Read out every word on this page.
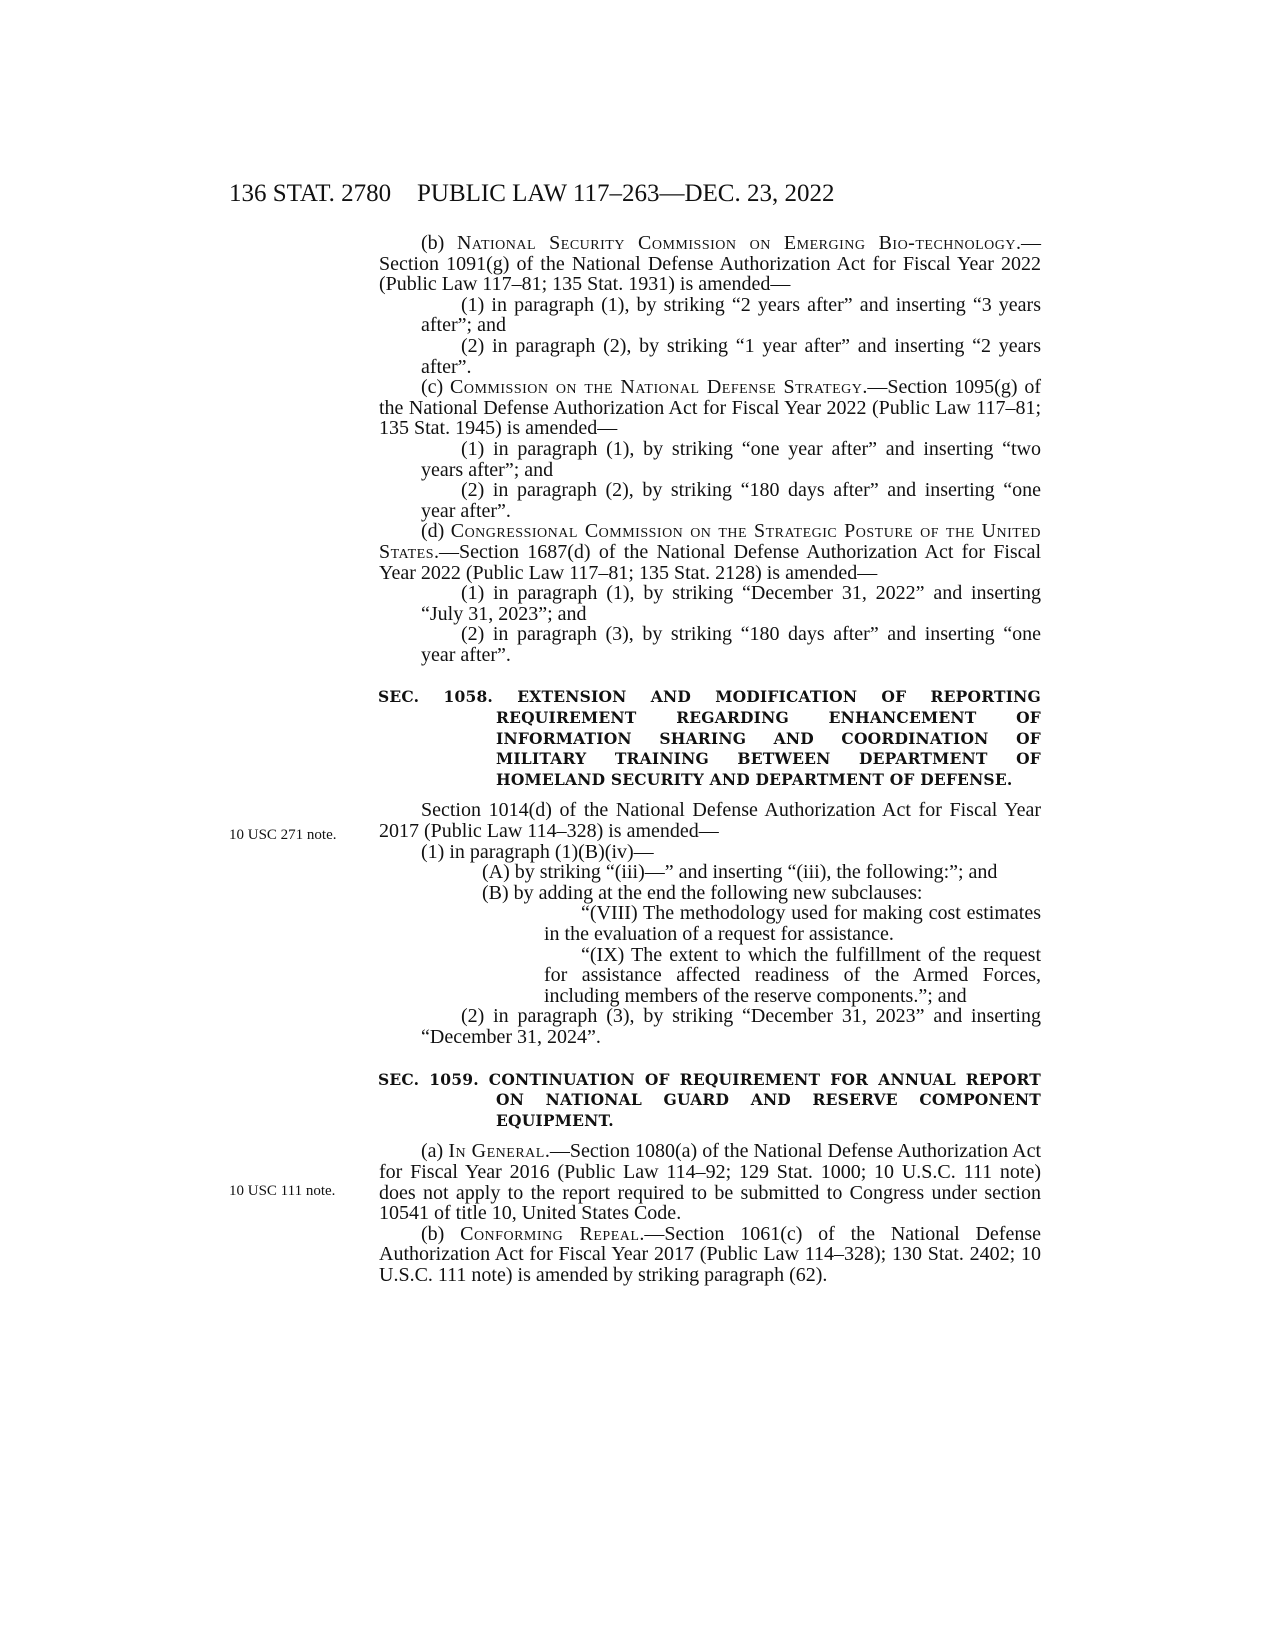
136 STAT. 2780 PUBLIC LAW 117–263—DEC. 23, 2022
10 USC 271 note.
10 USC 111 note.

(b) National Security Commission on Emerging Bio-technology.—Section 1091(g) of the National Defense Authorization Act for Fiscal Year 2022 (Public Law 117–81; 135 Stat. 1931) is amended—

(1) in paragraph (1), by striking “2 years after” and inserting “3 years after”; and

(2) in paragraph (2), by striking “1 year after” and inserting “2 years after”.

(c) Commission on the National Defense Strategy.—Section 1095(g) of the National Defense Authorization Act for Fiscal Year 2022 (Public Law 117–81; 135 Stat. 1945) is amended—

(1) in paragraph (1), by striking “one year after” and inserting “two years after”; and

(2) in paragraph (2), by striking “180 days after” and inserting “one year after”.

(d) Congressional Commission on the Strategic Posture of the United States.—Section 1687(d) of the National Defense Authorization Act for Fiscal Year 2022 (Public Law 117–81; 135 Stat. 2128) is amended—

(1) in paragraph (1), by striking “December 31, 2022” and inserting “July 31, 2023”; and

(2) in paragraph (3), by striking “180 days after” and inserting “one year after”.

SEC. 1058. EXTENSION AND MODIFICATION OF REPORTING REQUIREMENT REGARDING ENHANCEMENT OF INFORMATION SHARING AND COORDINATION OF MILITARY TRAINING BETWEEN DEPARTMENT OF HOMELAND SECURITY AND DEPARTMENT OF DEFENSE.

Section 1014(d) of the National Defense Authorization Act for Fiscal Year 2017 (Public Law 114–328) is amended—

(1) in paragraph (1)(B)(iv)—

(A) by striking “(iii)—” and inserting “(iii), the following:”; and

(B) by adding at the end the following new subclauses:

“(VIII) The methodology used for making cost estimates in the evaluation of a request for assistance.

“(IX) The extent to which the fulfillment of the request for assistance affected readiness of the Armed Forces, including members of the reserve components.”; and

(2) in paragraph (3), by striking “December 31, 2023” and inserting “December 31, 2024”.

SEC. 1059. CONTINUATION OF REQUIREMENT FOR ANNUAL REPORT ON NATIONAL GUARD AND RESERVE COMPONENT EQUIPMENT.

(a) In General.—Section 1080(a) of the National Defense Authorization Act for Fiscal Year 2016 (Public Law 114–92; 129 Stat. 1000; 10 U.S.C. 111 note) does not apply to the report required to be submitted to Congress under section 10541 of title 10, United States Code.

(b) Conforming Repeal.—Section 1061(c) of the National Defense Authorization Act for Fiscal Year 2017 (Public Law 114–328); 130 Stat. 2402; 10 U.S.C. 111 note) is amended by striking paragraph (62).
